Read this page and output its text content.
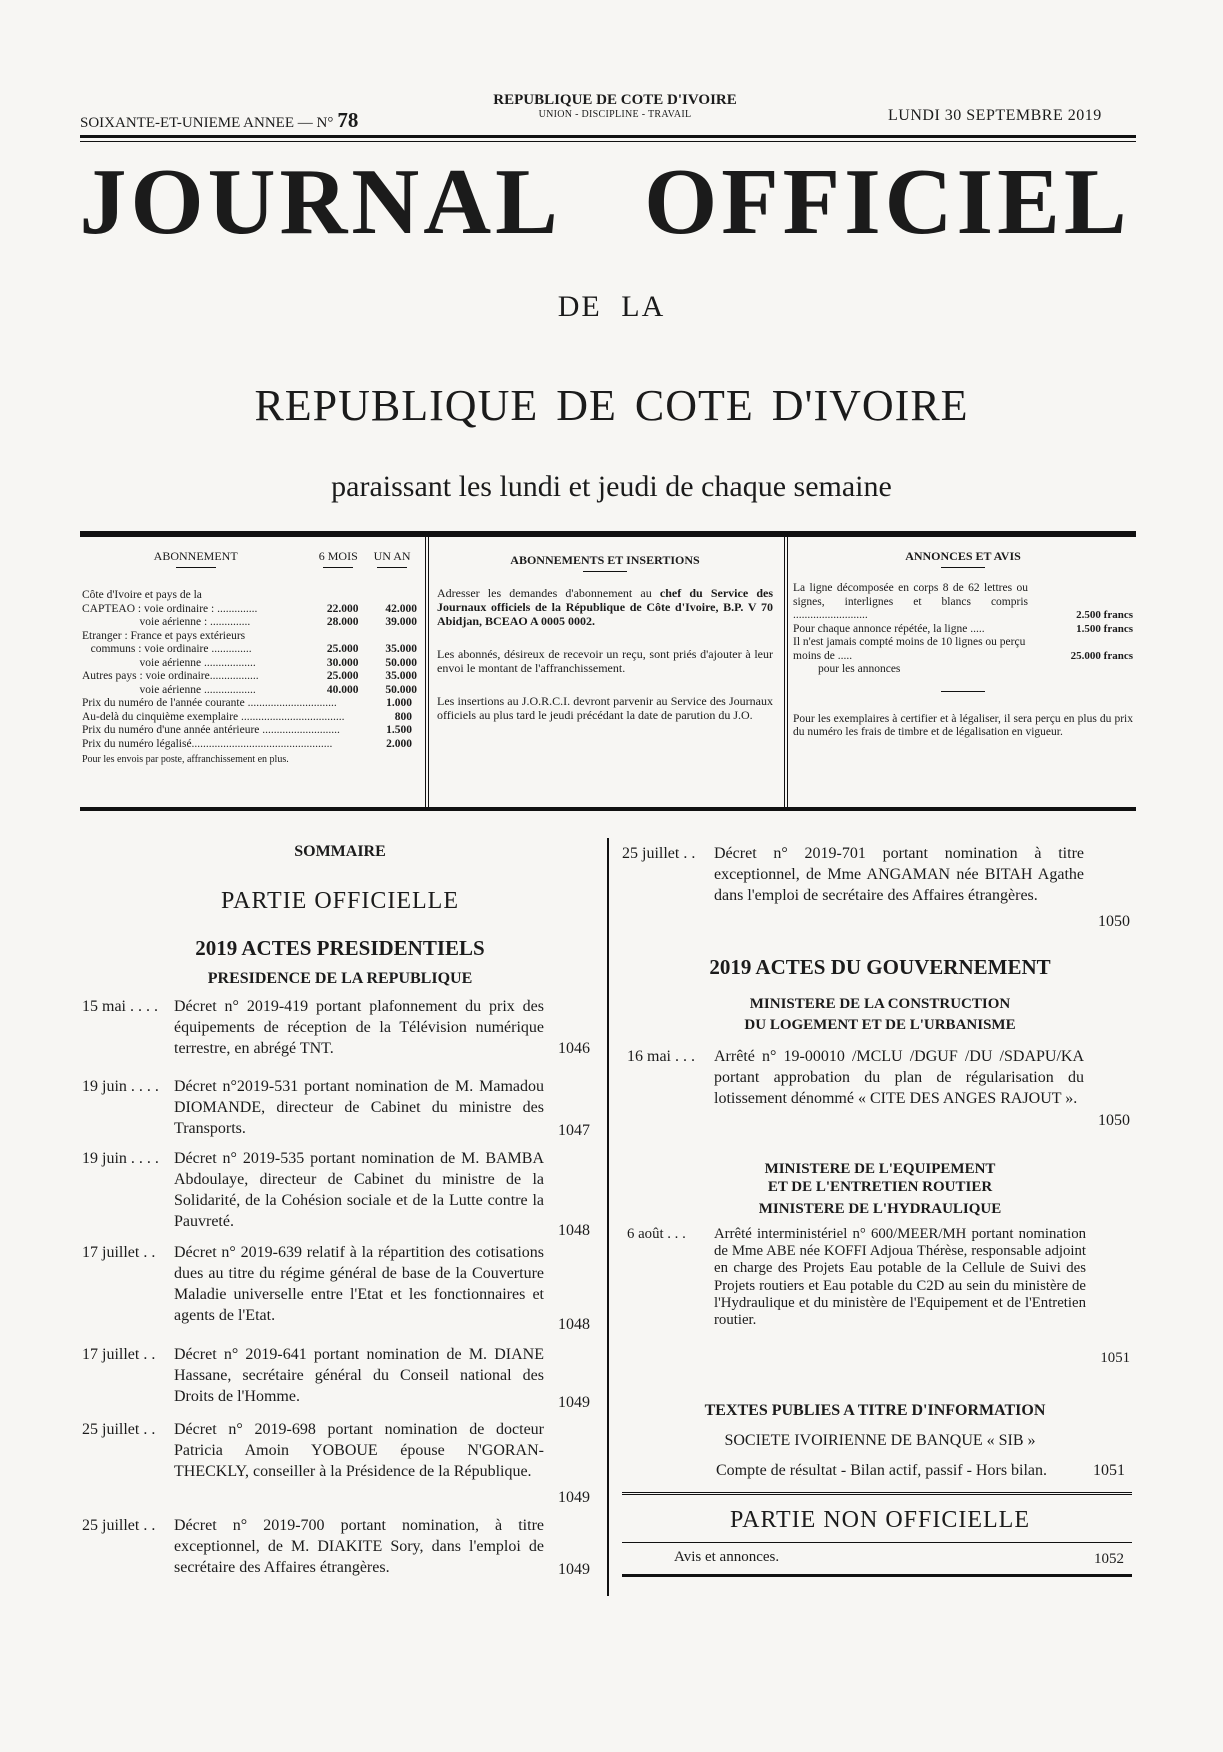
SOIXANTE-ET-UNIEME ANNEE — N° 78
REPUBLIQUE DE COTE D'IVOIRE
UNION - DISCIPLINE - TRAVAIL	LUNDI 30 SEPTEMBRE 2019
JOURNAL OFFICIEL
DE LA
REPUBLIQUE DE COTE D'IVOIRE
paraissant les lundi et jeudi de chaque semaine
ABONNEMENT	6 MOIS	UN AN
Côte d'Ivoire et pays de la
CAPTEAO : voie ordinaire : ..............	22.000	42.000
voie aérienne : ..............	28.000	39.000
Etranger : France et pays extérieurs
communs : voie ordinaire ..............	25.000	35.000
voie aérienne ..................	30.000	50.000
Autres pays : voie ordinaire.................	25.000	35.000
voie aérienne ..................	40.000	50.000
Prix du numéro de l'année courante ...............................	1.000
Au-delà du cinquième exemplaire ....................................	800
Prix du numéro d'une année antérieure ...........................	1.500
Prix du numéro légalisé.................................................	2.000
Pour les envois par poste, affranchissement en plus.
ABONNEMENTS ET INSERTIONS
Adresser les demandes d'abonnement au chef du Service des Journaux officiels de la République de Côte d'Ivoire, B.P. V 70 Abidjan, BCEAO A 0005 0002.
Les abonnés, désireux de recevoir un reçu, sont priés d'ajouter à leur envoi le montant de l'affranchissement.
Les insertions au J.O.R.C.I. devront parvenir au Service des Journaux officiels au plus tard le jeudi précédant la date de parution du J.O.
ANNONCES ET AVIS
La ligne décomposée en corps 8 de 62 lettres ou signes, interlignes et blancs compris ..........................	2.500 francs
Pour chaque annonce répétée, la ligne .....	1.500 francs
Il n'est jamais compté moins de 10 lignes ou perçu moins de .....	25.000 francs
pour les annonces
Pour les exemplaires à certifier et à légaliser, il sera perçu en plus du prix du numéro les frais de timbre et de légalisation en vigueur.
SOMMAIRE
PARTIE OFFICIELLE
2019 ACTES PRESIDENTIELS
PRESIDENCE DE LA REPUBLIQUE
15 mai . . . . Décret n° 2019-419 portant plafonnement du prix des équipements de réception de la Télévision numérique terrestre, en abrégé TNT.	1046
19 juin . . . . Décret n°2019-531 portant nomination de M. Mamadou DIOMANDE, directeur de Cabinet du ministre des Transports.	1047
19 juin . . . . Décret n° 2019-535 portant nomination de M. BAMBA Abdoulaye, directeur de Cabinet du ministre de la Solidarité, de la Cohésion sociale et de la Lutte contre la Pauvreté.
1048
17 juillet . . Décret n° 2019-639 relatif à la répartition des cotisations dues au titre du régime général de base de la Couverture Maladie universelle entre l'Etat et les fonctionnaires et agents de l'Etat.
1048
17 juillet . . Décret n° 2019-641 portant nomination de M. DIANE Hassane, secrétaire général du Conseil national des Droits de l'Homme.	1049
25 juillet . . Décret n° 2019-698 portant nomination de docteur Patricia Amoin YOBOUE épouse N'GORAN-THECKLY, conseiller à la Présidence de la République.
1049
25 juillet . . Décret n° 2019-700 portant nomination, à titre exceptionnel, de M. DIAKITE Sory, dans l'emploi de secrétaire des Affaires étrangères.	1049
25 juillet . . Décret n° 2019-701 portant nomination à titre exceptionnel, de Mme ANGAMAN née BITAH Agathe dans l'emploi de secrétaire des Affaires étrangères.
1050
2019 ACTES DU GOUVERNEMENT
MINISTERE DE LA CONSTRUCTION
DU LOGEMENT ET DE L'URBANISME
16 mai . . . Arrêté n° 19-00010 /MCLU /DGUF /DU /SDAPU/KA portant approbation du plan de régularisation du lotissement dénommé « CITE DES ANGES RAJOUT ».
1050
MINISTERE DE L'EQUIPEMENT
ET DE L'ENTRETIEN ROUTIER
MINISTERE DE L'HYDRAULIQUE
6 août . . . Arrêté interministériel n° 600/MEER/MH portant nomination de Mme ABE née KOFFI Adjoua Thérèse, responsable adjoint en charge des Projets Eau potable de la Cellule de Suivi des Projets routiers et Eau potable du C2D au sein du ministère de l'Hydraulique et du ministère de l'Equipement et de l'Entretien routier.
1051
TEXTES PUBLIES A TITRE D'INFORMATION
SOCIETE IVOIRIENNE DE BANQUE « SIB »
Compte de résultat - Bilan actif, passif - Hors bilan.	1051
PARTIE NON OFFICIELLE
Avis et annonces.	1052
